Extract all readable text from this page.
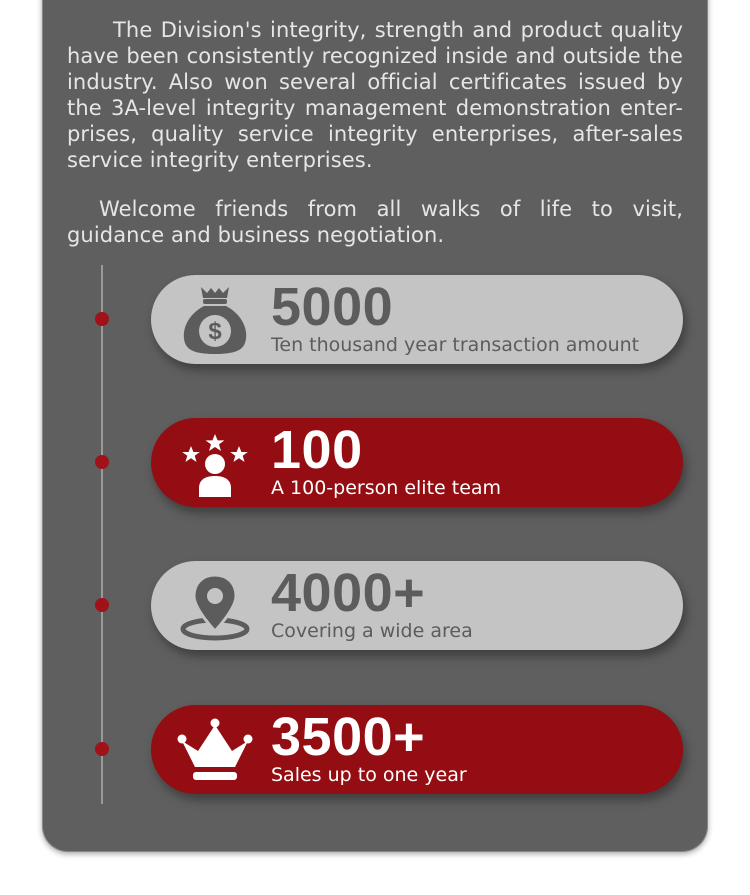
The Division's integrity, strength and product quality have been consistently recognized inside and outside the industry. Also won several official certificates issued by the 3A-level integrity management demonstration enter-prises, quality service integrity enterprises, after-sales service integrity enterprises.

Welcome friends from all walks of life to visit, guidance and business negotiation.

$ 5000
Ten thousand year transaction amount
100
A 100-person elite team
4000+
Covering a wide area
3500+
Sales up to one year
